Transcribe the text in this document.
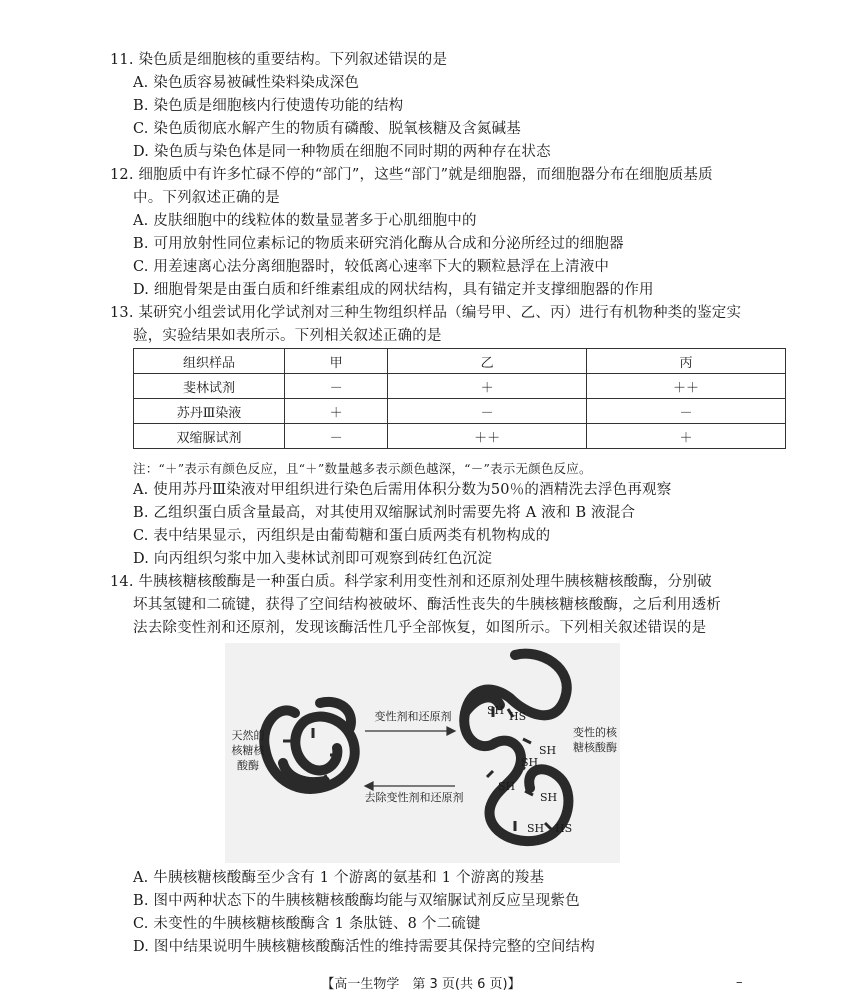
11. 染色质是细胞核的重要结构。下列叙述错误的是
A. 染色质容易被碱性染料染成深色
B. 染色质是细胞核内行使遗传功能的结构
C. 染色质彻底水解产生的物质有磷酸、脱氧核糖及含氮碱基
D. 染色质与染色体是同一种物质在细胞不同时期的两种存在状态
12. 细胞质中有许多忙碌不停的“部门”，这些“部门”就是细胞器，而细胞器分布在细胞质基质
中。下列叙述正确的是
A. 皮肤细胞中的线粒体的数量显著多于心肌细胞中的
B. 可用放射性同位素标记的物质来研究消化酶从合成和分泌所经过的细胞器
C. 用差速离心法分离细胞器时，较低离心速率下大的颗粒悬浮在上清液中
D. 细胞骨架是由蛋白质和纤维素组成的网状结构，具有锚定并支撑细胞器的作用
13. 某研究小组尝试用化学试剂对三种生物组织样品（编号甲、乙、丙）进行有机物种类的鉴定实
验，实验结果如表所示。下列相关叙述正确的是
组织样品	甲	乙	丙
斐林试剂	－	＋	＋＋
苏丹Ⅲ染液	＋	－	－
双缩脲试剂	－	＋＋	＋
注：“＋”表示有颜色反应，且“＋”数量越多表示颜色越深，“－”表示无颜色反应。
A. 使用苏丹Ⅲ染液对甲组织进行染色后需用体积分数为50％的酒精洗去浮色再观察
B. 乙组织蛋白质含量最高，对其使用双缩脲试剂时需要先将 A 液和 B 液混合
C. 表中结果显示，丙组织是由葡萄糖和蛋白质两类有机物构成的
D. 向丙组织匀浆中加入斐林试剂即可观察到砖红色沉淀
14. 牛胰核糖核酸酶是一种蛋白质。科学家利用变性剂和还原剂处理牛胰核糖核酸酶，分别破
坏其氢键和二硫键，获得了空间结构被破坏、酶活性丧失的牛胰核糖核酸酶，之后利用透析
法去除变性剂和还原剂，发现该酶活性几乎全部恢复，如图所示。下列相关叙述错误的是
天然的核糖核酸酶
变性的核糖核酸酶
变性剂和还原剂
去除变性剂和还原剂
SH HS
SH
SH
SH
SH
SH HS
A. 牛胰核糖核酸酶至少含有 1 个游离的氨基和 1 个游离的羧基
B. 图中两种状态下的牛胰核糖核酸酶均能与双缩脲试剂反应呈现紫色
C. 未变性的牛胰核糖核酸酶含 1 条肽链、8 个二硫键
D. 图中结果说明牛胰核糖核酸酶活性的维持需要其保持完整的空间结构
【高一生物学　第 3 页(共 6 页)】	–
